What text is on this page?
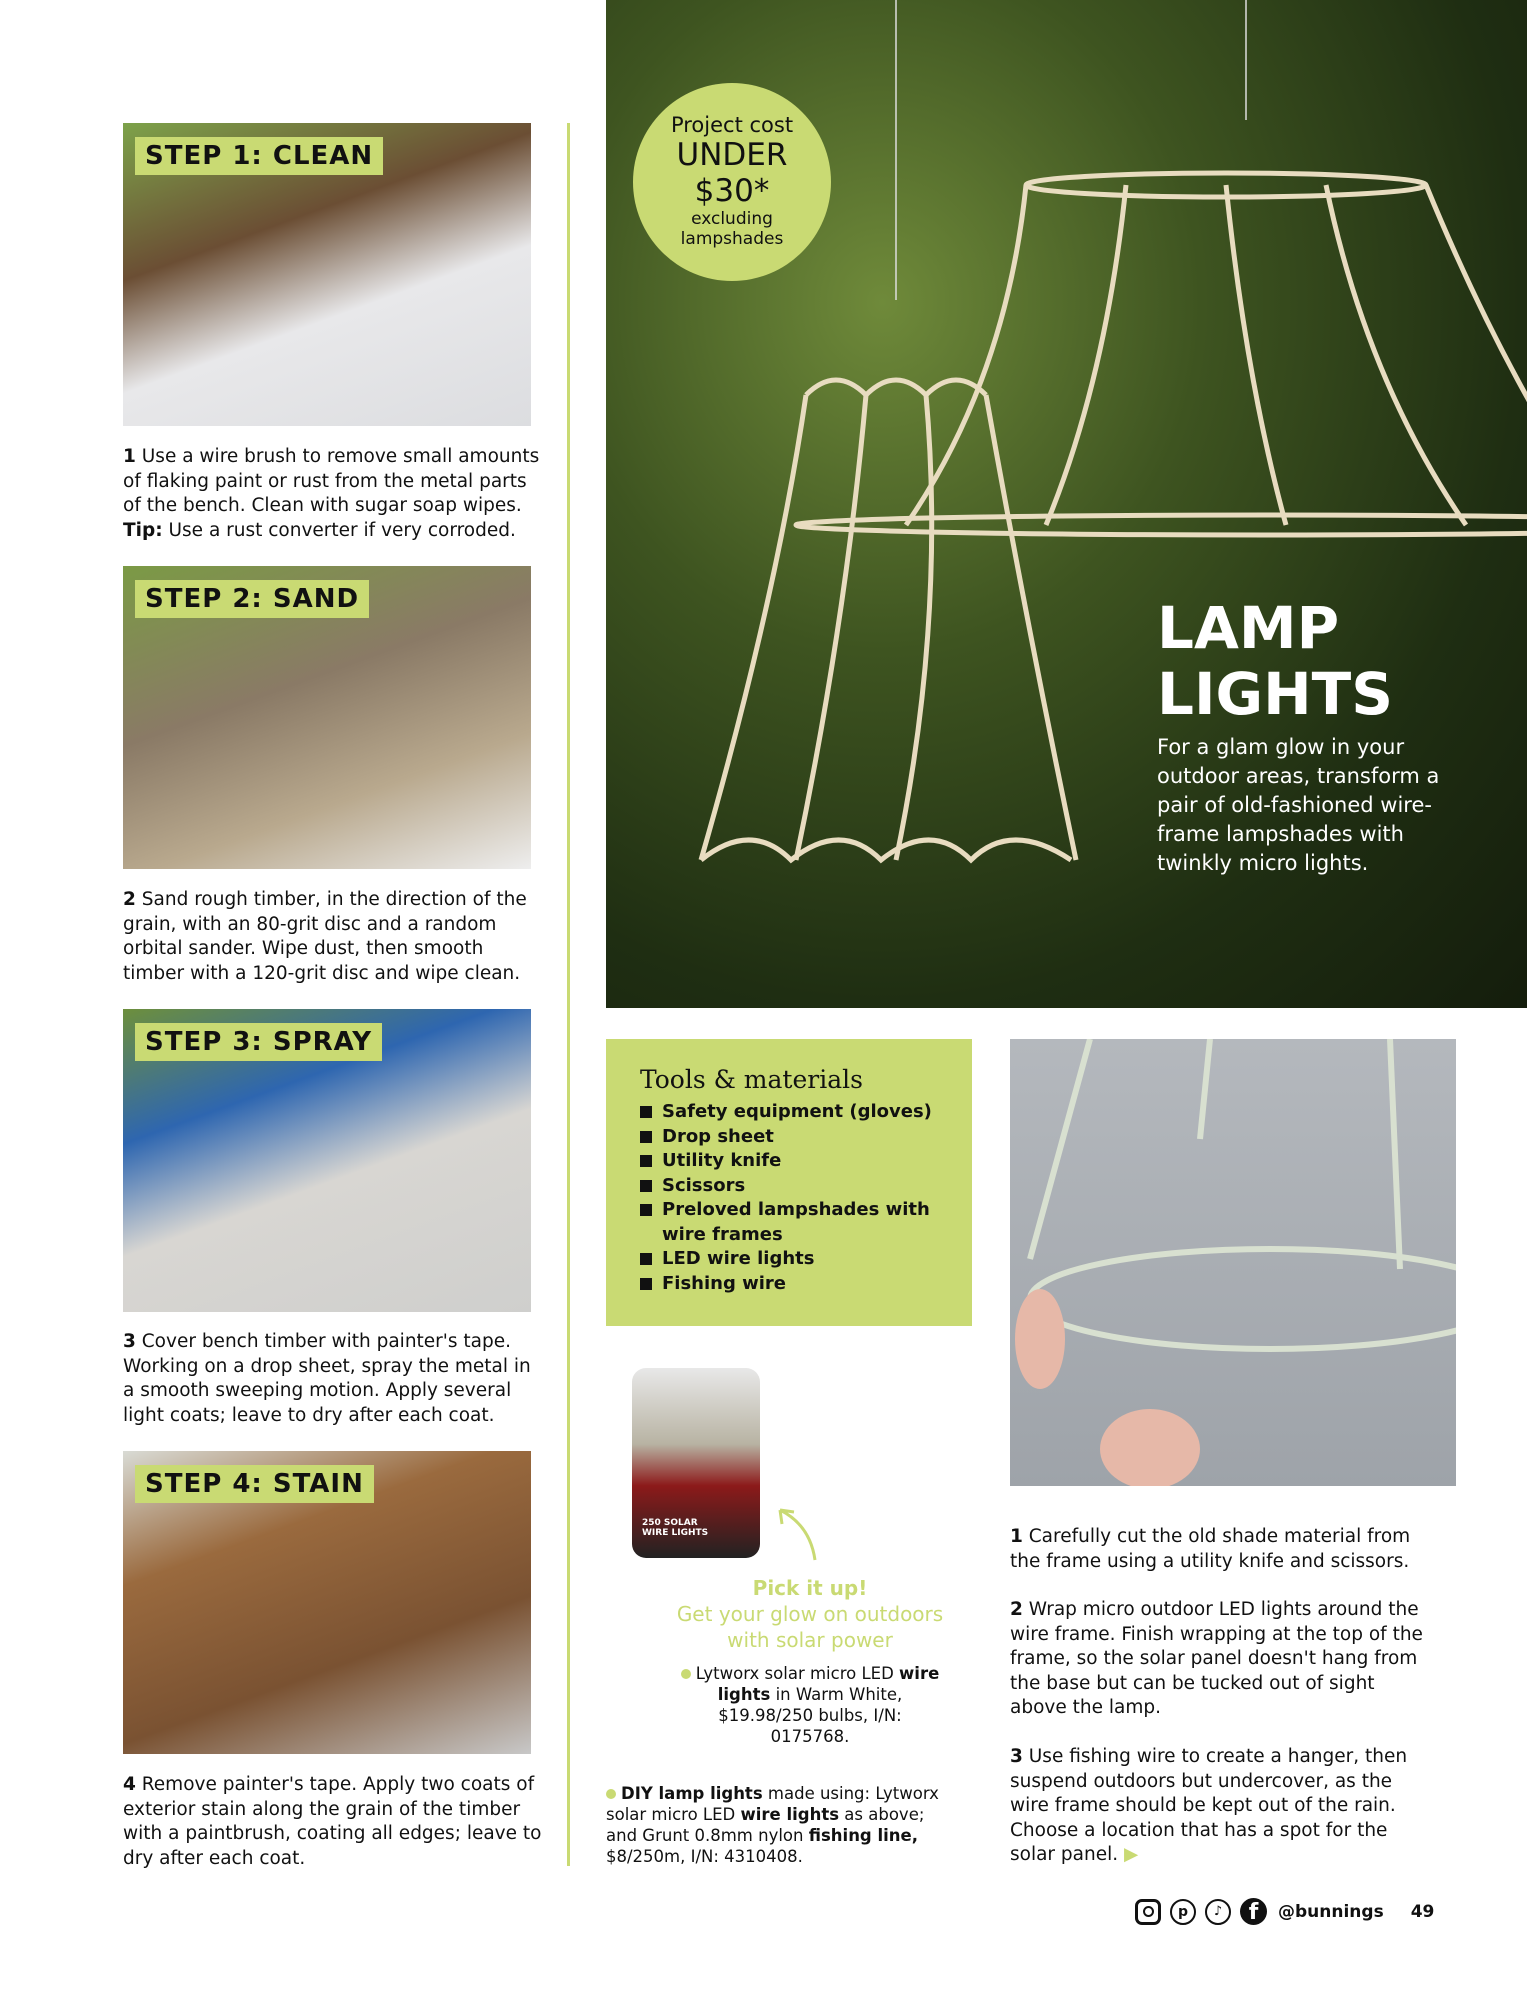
STEP 1: CLEAN
1 Use a wire brush to remove small amounts of flaking paint or rust from the metal parts of the bench. Clean with sugar soap wipes. Tip: Use a rust converter if very corroded.
STEP 2: SAND
2 Sand rough timber, in the direction of the grain, with an 80-grit disc and a random orbital sander. Wipe dust, then smooth timber with a 120-grit disc and wipe clean.
STEP 3: SPRAY
3 Cover bench timber with painter's tape. Working on a drop sheet, spray the metal in a smooth sweeping motion. Apply several light coats; leave to dry after each coat.
STEP 4: STAIN
4 Remove painter's tape. Apply two coats of exterior stain along the grain of the timber with a paintbrush, coating all edges; leave to dry after each coat.
LAMP
LIGHTS
For a glam glow in your outdoor areas, transform a pair of old-fashioned wire-frame lampshades with twinkly micro lights.
Project cost
UNDER
$30*
excluding
lampshades
Tools & materials
Safety equipment (gloves)
Drop sheet
Utility knife
Scissors
Preloved lampshades with wire frames
LED wire lights
Fishing wire
250 SOLAR WIRE LIGHTS
Pick it up!
Get your glow on outdoors with solar power
Lytworx solar micro LED wire lights in Warm White, $19.98/250 bulbs, I/N: 0175768.
DIY lamp lights made using: Lytworx solar micro LED wire lights as above; and Grunt 0.8mm nylon fishing line, $8/250m, I/N: 4310408.
1 Carefully cut the old shade material from the frame using a utility knife and scissors.
2 Wrap micro outdoor LED lights around the wire frame. Finish wrapping at the top of the frame, so the solar panel doesn't hang from the base but can be tucked out of sight above the lamp.
3 Use fishing wire to create a hanger, then suspend outdoors but undercover, as the wire frame should be kept out of the rain. Choose a location that has a spot for the solar panel. ▶
p	♪	f	@bunnings 49
